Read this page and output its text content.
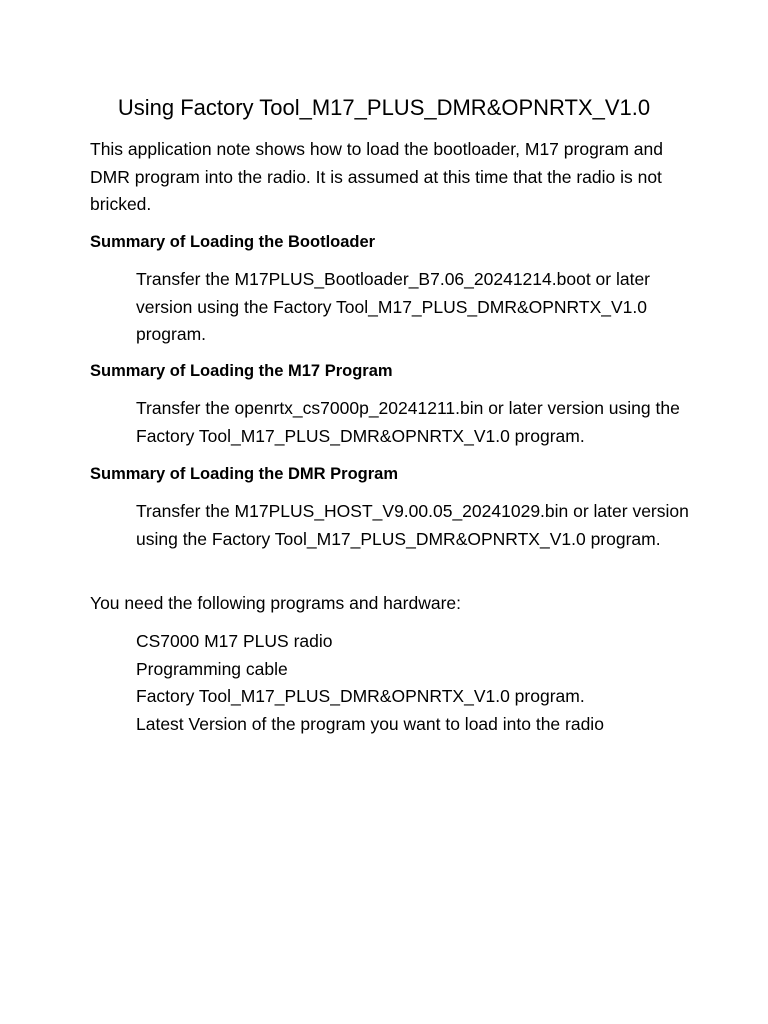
Using Factory Tool_M17_PLUS_DMR&OPNRTX_V1.0

This application note shows how to load the bootloader, M17 program and DMR program into the radio. It is assumed at this time that the radio is not bricked.

Summary of Loading the Bootloader

Transfer the M17PLUS_Bootloader_B7.06_20241214.boot or later version using the Factory Tool_M17_PLUS_DMR&OPNRTX_V1.0 program.

Summary of Loading the M17 Program

Transfer the openrtx_cs7000p_20241211.bin or later version using the Factory Tool_M17_PLUS_DMR&OPNRTX_V1.0 program.

Summary of Loading the DMR Program

Transfer the M17PLUS_HOST_V9.00.05_20241029.bin or later version using the Factory Tool_M17_PLUS_DMR&OPNRTX_V1.0 program.

You need the following programs and hardware:

CS7000 M17 PLUS radio
Programming cable
Factory Tool_M17_PLUS_DMR&OPNRTX_V1.0 program.
Latest Version of the program you want to load into the radio
